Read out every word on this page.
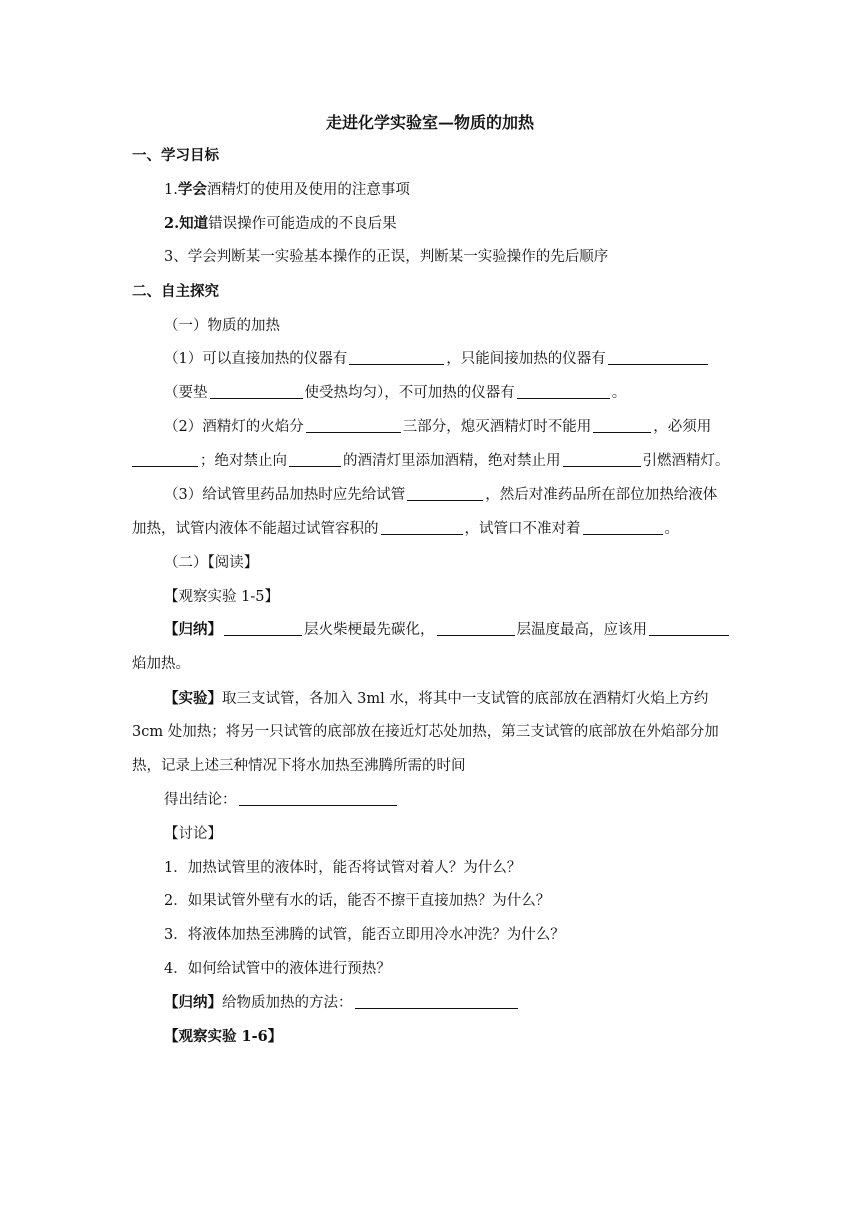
走进化学实验室—物质的加热
一、学习目标
1.学会酒精灯的使用及使用的注意事项
2.知道错误操作可能造成的不良后果
3、学会判断某一实验基本操作的正误，判断某一实验操作的先后顺序
二、自主探究
（一）物质的加热
（1）可以直接加热的仪器有	，只能间接加热的仪器有
（要垫	使受热均匀），不可加热的仪器有	。
（2）酒精灯的火焰分	三部分，熄灭酒精灯时不能用	，必须用
；绝对禁止向	的酒清灯里添加酒精，绝对禁止用	引燃酒精灯。
（3）给试管里药品加热时应先给试管	，然后对准药品所在部位加热给液体
加热，试管内液体不能超过试管容积的	，试管口不准对着	。
（二）【阅读】
【观察实验 1-5】
【归纳】	层火柴梗最先碳化，	层温度最高，应该用
焰加热。
【实验】取三支试管，各加入 3ml 水，将其中一支试管的底部放在酒精灯火焰上方约
3cm 处加热；将另一只试管的底部放在接近灯芯处加热，第三支试管的底部放在外焰部分加
热，记录上述三种情况下将水加热至沸腾所需的时间
得出结论：
【讨论】
1．加热试管里的液体时，能否将试管对着人？为什么？
2．如果试管外壁有水的话，能否不擦干直接加热？为什么？
3．将液体加热至沸腾的试管，能否立即用冷水冲洗？为什么？
4．如何给试管中的液体进行预热？
【归纳】给物质加热的方法：
【观察实验 1-6】
